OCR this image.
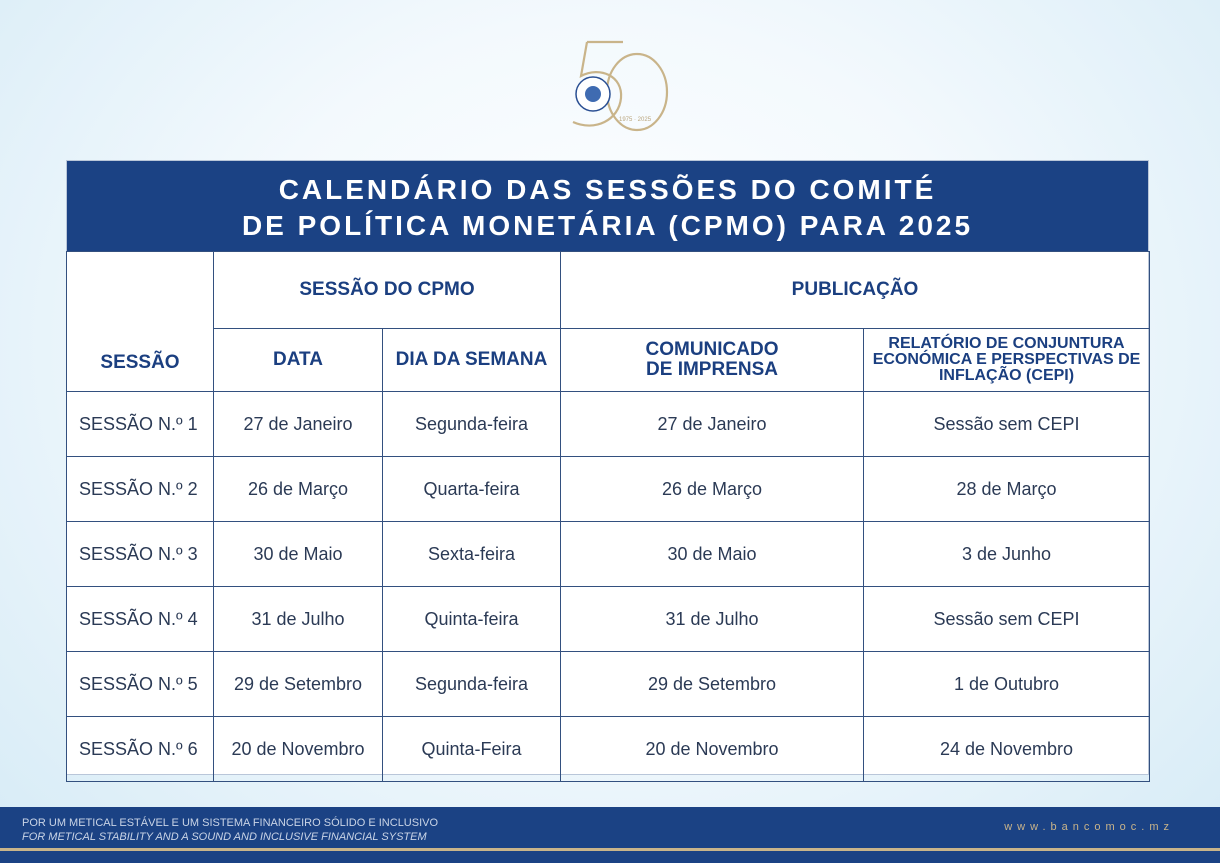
1975 · 2025
CALENDÁRIO DAS SESSÕES DO COMITÉ
DE POLÍTICA MONETÁRIA (CPMO) PARA 2025
SESSÃO	SESSÃO DO CPMO		PUBLICAÇÃO	
	DATA	DIA DA SEMANA	COMUNICADO DE IMPRENSA	RELATÓRIO DE CONJUNTURA ECONÓMICA E PERSPECTIVAS DE INFLAÇÃO (CEPI)
SESSÃO N.º 1	27 de Janeiro	Segunda-feira	27 de Janeiro	Sessão sem CEPI
SESSÃO N.º 2	26 de Março	Quarta-feira	26 de Março	28 de Março
SESSÃO N.º 3	30 de Maio	Sexta-feira	30 de Maio	3 de Junho
SESSÃO N.º 4	31 de Julho	Quinta-feira	31 de Julho	Sessão sem CEPI
SESSÃO N.º 5	29 de Setembro	Segunda-feira	29 de Setembro	1 de Outubro
SESSÃO N.º 6	20 de Novembro	Quinta-Feira	20 de Novembro	24 de Novembro
POR UM METICAL ESTÁVEL E UM SISTEMA FINANCEIRO SÓLIDO E INCLUSIVO
FOR METICAL STABILITY AND A SOUND AND INCLUSIVE FINANCIAL SYSTEM
www.bancomoc.mz
